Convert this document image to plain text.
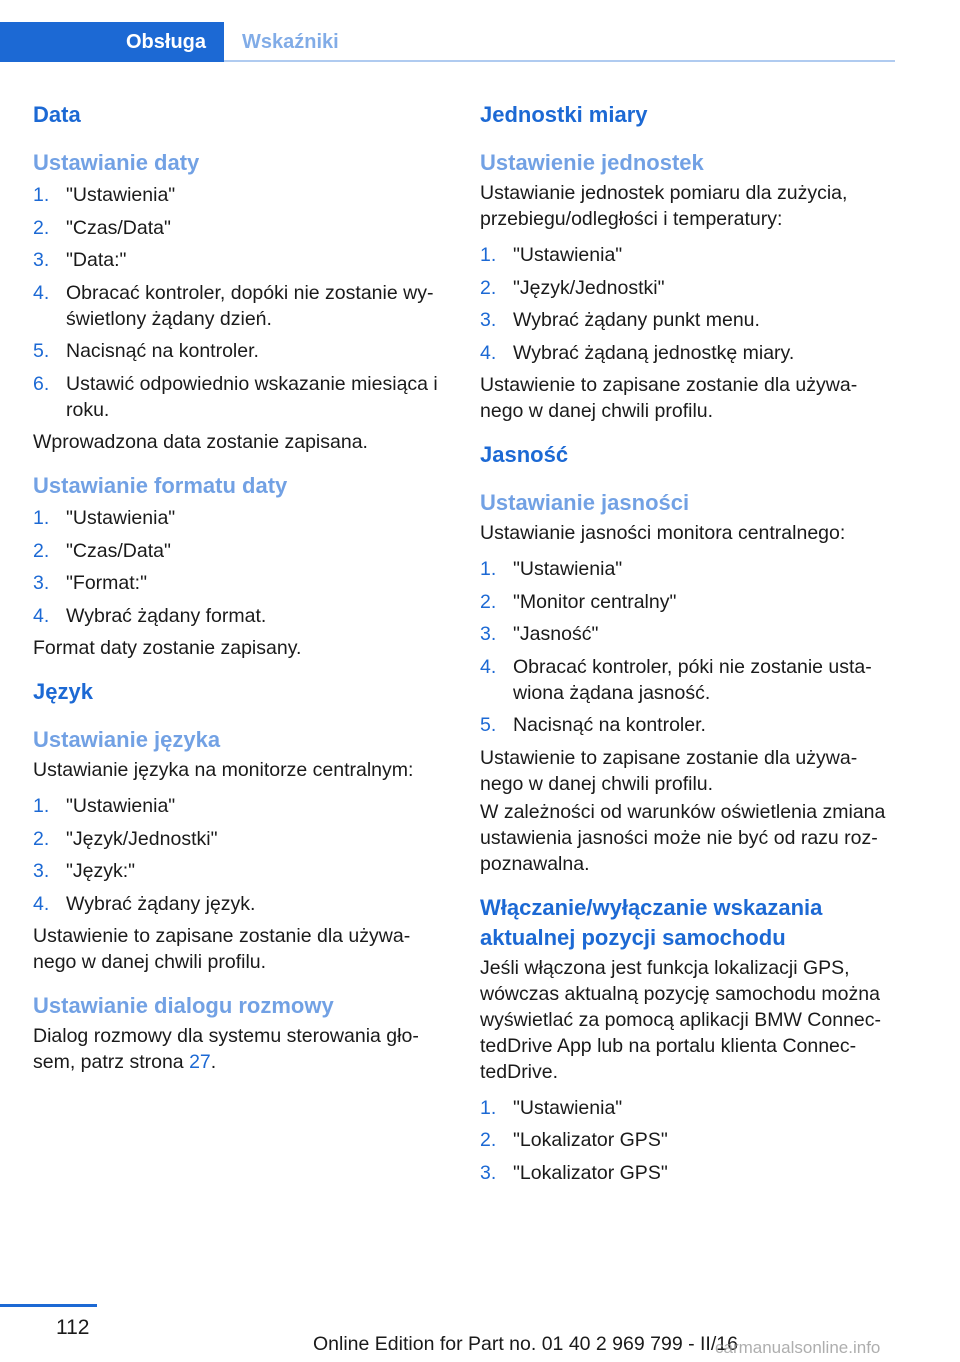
Obsługa	Wskaźniki
Data
Ustawianie daty
1. "Ustawienia"
2. "Czas/Data"
3. "Data:"
4. Obracać kontroler, dopóki nie zostanie wy-świetlony żądany dzień.
5. Nacisnąć na kontroler.
6. Ustawić odpowiednio wskazanie miesiąca i roku.

Wprowadzona data zostanie zapisana.

Ustawianie formatu daty
1. "Ustawienia"
2. "Czas/Data"
3. "Format:"
4. Wybrać żądany format.

Format daty zostanie zapisany.

Język
Ustawianie języka

Ustawianie języka na monitorze centralnym:

1. "Ustawienia"
2. "Język/Jednostki"
3. "Język:"
4. Wybrać żądany język.

Ustawienie to zapisane zostanie dla używa-nego w danej chwili profilu.

Ustawianie dialogu rozmowy

Dialog rozmowy dla systemu sterowania gło-sem, patrz strona 27.

Jednostki miary
Ustawienie jednostek

Ustawianie jednostek pomiaru dla zużycia, przebiegu/odległości i temperatury:

1. "Ustawienia"
2. "Język/Jednostki"
3. Wybrać żądany punkt menu.
4. Wybrać żądaną jednostkę miary.

Ustawienie to zapisane zostanie dla używa-nego w danej chwili profilu.

Jasność
Ustawianie jasności

Ustawianie jasności monitora centralnego:

1. "Ustawienia"
2. "Monitor centralny"
3. "Jasność"
4. Obracać kontroler, póki nie zostanie usta-wiona żądana jasność.
5. Nacisnąć na kontroler.

Ustawienie to zapisane zostanie dla używa-nego w danej chwili profilu.

W zależności od warunków oświetlenia zmiana ustawienia jasności może nie być od razu roz-poznawalna.

Włączanie/wyłączanie wskazania aktualnej pozycji samochodu

Jeśli włączona jest funkcja lokalizacji GPS, wówczas aktualną pozycję samochodu można wyświetlać za pomocą aplikacji BMW Connec-tedDrive App lub na portalu klienta Connec-tedDrive.

1. "Ustawienia"
2. "Lokalizator GPS"
3. "Lokalizator GPS"
112
Online Edition for Part no. 01 40 2 969 799 - II/16
carmanualsonline.info
